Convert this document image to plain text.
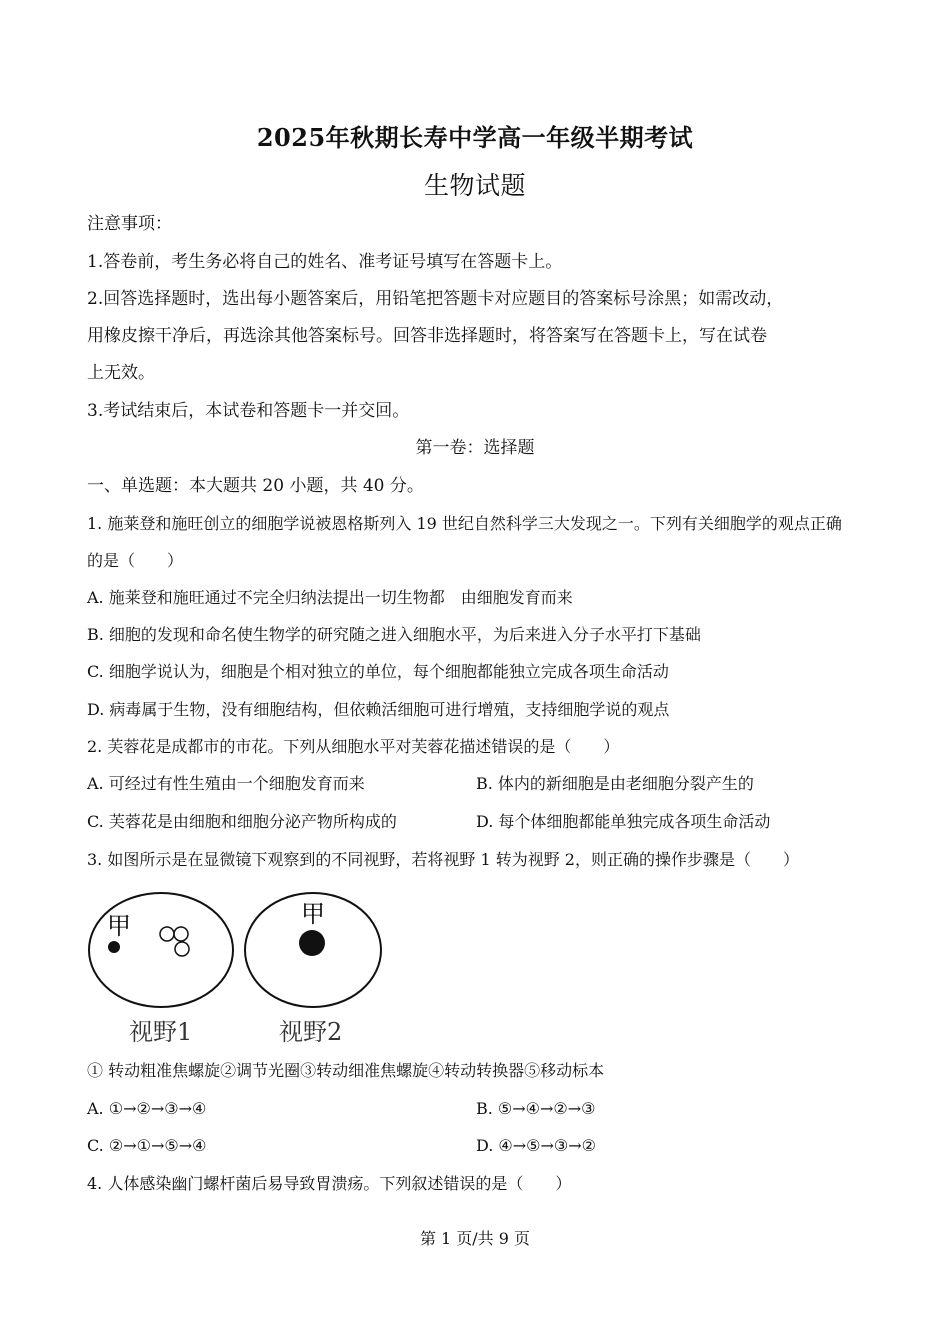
2025年秋期长寿中学高一年级半期考试
生物试题
注意事项：
1.答卷前，考生务必将自己的姓名、准考证号填写在答题卡上。
2.回答选择题时，选出每小题答案后，用铅笔把答题卡对应题目的答案标号涂黑；如需改动，
用橡皮擦干净后，再选涂其他答案标号。回答非选择题时，将答案写在答题卡上，写在试卷
上无效。
3.考试结束后，本试卷和答题卡一并交回。
第一卷：选择题
一、单选题：本大题共 20 小题，共 40 分。
1. 施莱登和施旺创立的细胞学说被恩格斯列入 19 世纪自然科学三大发现之一。下列有关细胞学的观点正确
的是（　　）
A. 施莱登和施旺通过不完全归纳法提出一切生物都　由细胞发育而来
B. 细胞的发现和命名使生物学的研究随之进入细胞水平，为后来进入分子水平打下基础
C. 细胞学说认为，细胞是个相对独立的单位，每个细胞都能独立完成各项生命活动
D. 病毒属于生物，没有细胞结构，但依赖活细胞可进行增殖，支持细胞学说的观点
2. 芙蓉花是成都市的市花。下列从细胞水平对芙蓉花描述错误的是（　　）
A. 可经过有性生殖由一个细胞发育而来	B. 体内的新细胞是由老细胞分裂产生的
C. 芙蓉花是由细胞和细胞分泌产物所构成的	D. 每个体细胞都能单独完成各项生命活动
3. 如图所示是在显微镜下观察到的不同视野，若将视野 1 转为视野 2，则正确的操作步骤是（　　）
甲	甲
视野1	视野2
① 转动粗准焦螺旋②调节光圈③转动细准焦螺旋④转动转换器⑤移动标本
A. ①→②→③→④	B. ⑤→④→②→③
C. ②→①→⑤→④	D. ④→⑤→③→②
4. 人体感染幽门螺杆菌后易导致胃溃疡。下列叙述错误的是（　　）
第 1 页/共 9 页
